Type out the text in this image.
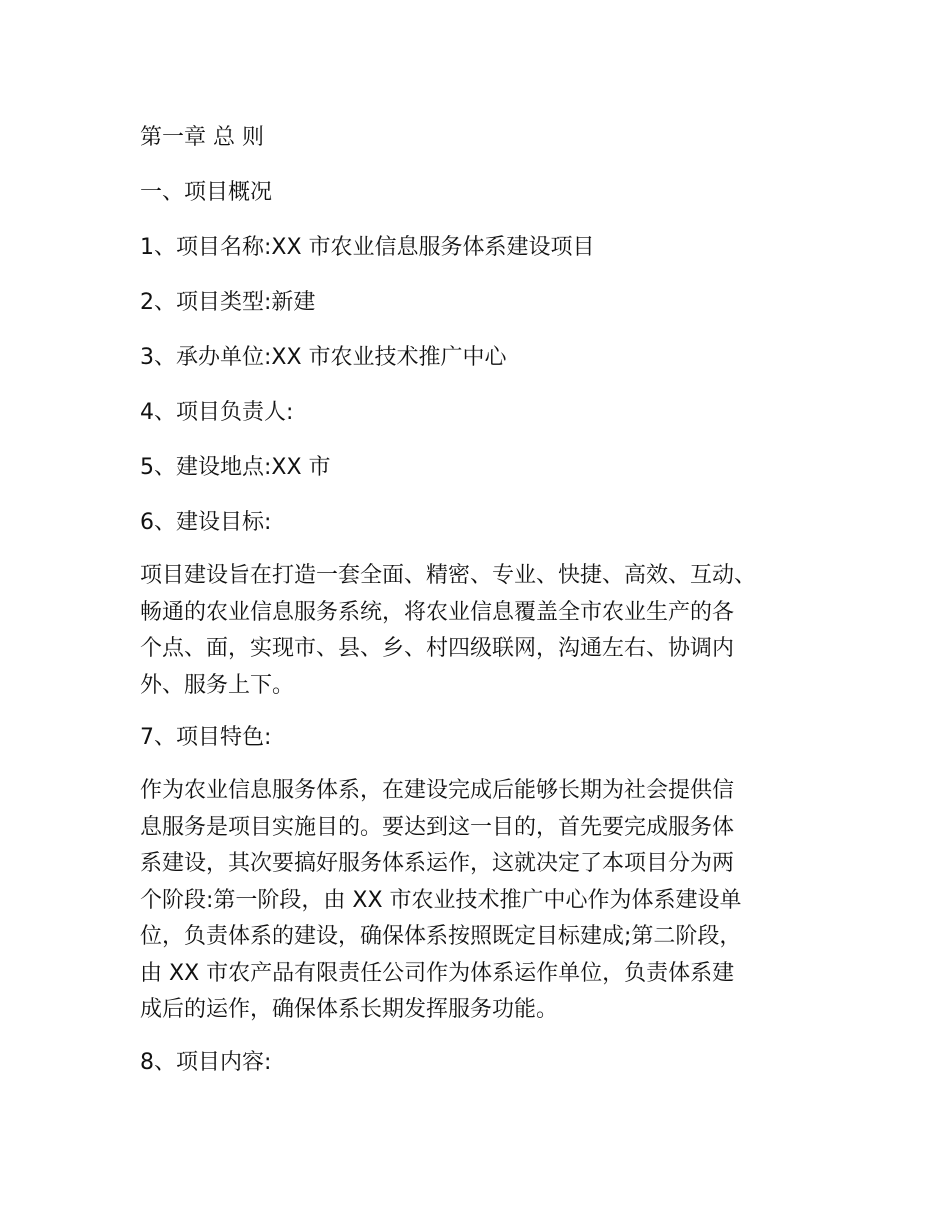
第一章 总 则
一、项目概况
1、项目名称:XX 市农业信息服务体系建设项目
2、项目类型:新建
3、承办单位:XX 市农业技术推广中心
4、项目负责人:
5、建设地点:XX 市
6、建设目标:
项目建设旨在打造一套全面、精密、专业、快捷、高效、互动、
畅通的农业信息服务系统，将农业信息覆盖全市农业生产的各
个点、面，实现市、县、乡、村四级联网，沟通左右、协调内
外、服务上下。
7、项目特色:
作为农业信息服务体系，在建设完成后能够长期为社会提供信
息服务是项目实施目的。要达到这一目的，首先要完成服务体
系建设，其次要搞好服务体系运作，这就决定了本项目分为两
个阶段:第一阶段，由 XX 市农业技术推广中心作为体系建设单
位，负责体系的建设，确保体系按照既定目标建成;第二阶段，
由 XX 市农产品有限责任公司作为体系运作单位，负责体系建
成后的运作，确保体系长期发挥服务功能。
8、项目内容:
